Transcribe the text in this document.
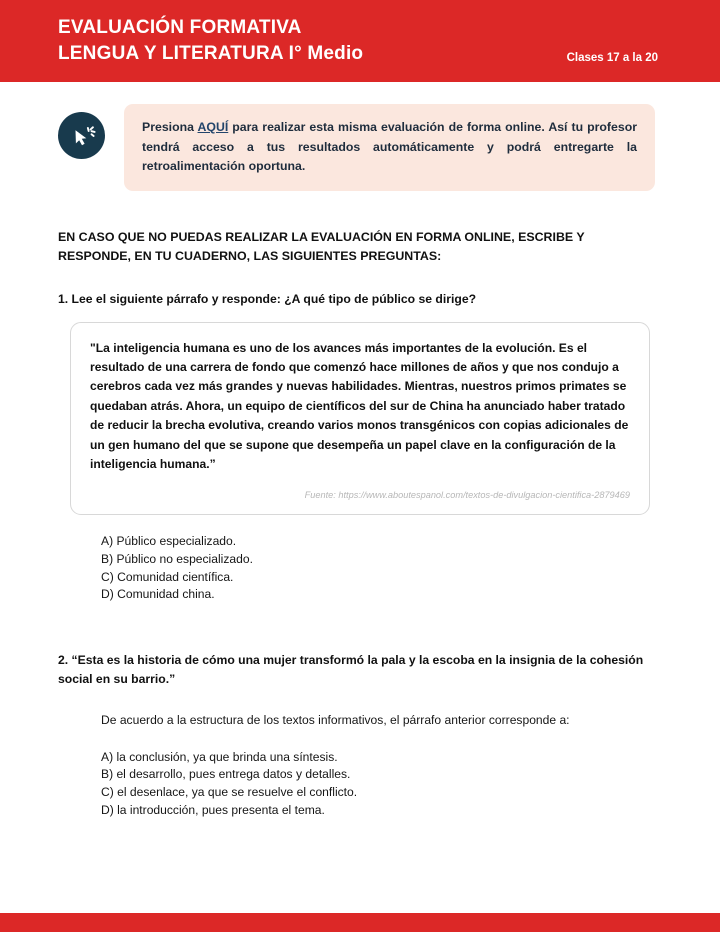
EVALUACIÓN FORMATIVA
LENGUA Y LITERATURA I° Medio	Clases 17 a la 20

Presiona AQUÍ para realizar esta misma evaluación de forma online. Así tu profesor tendrá acceso a tus resultados automáticamente y podrá entregarte la retroalimentación oportuna.

EN CASO QUE NO PUEDAS REALIZAR LA EVALUACIÓN EN FORMA ONLINE, ESCRIBE Y RESPONDE, EN TU CUADERNO, LAS SIGUIENTES PREGUNTAS:
1. Lee el siguiente párrafo y responde: ¿A qué tipo de público se dirige?

"La inteligencia humana es uno de los avances más importantes de la evolución. Es el resultado de una carrera de fondo que comenzó hace millones de años y que nos condujo a cerebros cada vez más grandes y nuevas habilidades. Mientras, nuestros primos primates se quedaban atrás. Ahora, un equipo de científicos del sur de China ha anunciado haber tratado de reducir la brecha evolutiva, creando varios monos transgénicos con copias adicionales de un gen humano del que se supone que desempeña un papel clave en la configuración de la inteligencia humana.”

Fuente: https://www.aboutespanol.com/textos-de-divulgacion-cientifica-2879469
A) Público especializado.
B) Público no especializado.
C) Comunidad científica.
D) Comunidad china.
2. “Esta es la historia de cómo una mujer transformó la pala y la escoba en la insignia de la cohesión social en su barrio.”
De acuerdo a la estructura de los textos informativos, el párrafo anterior corresponde a:
A) la conclusión, ya que brinda una síntesis.
B) el desarrollo, pues entrega datos y detalles.
C) el desenlace, ya que se resuelve el conflicto.
D) la introducción, pues presenta el tema.
